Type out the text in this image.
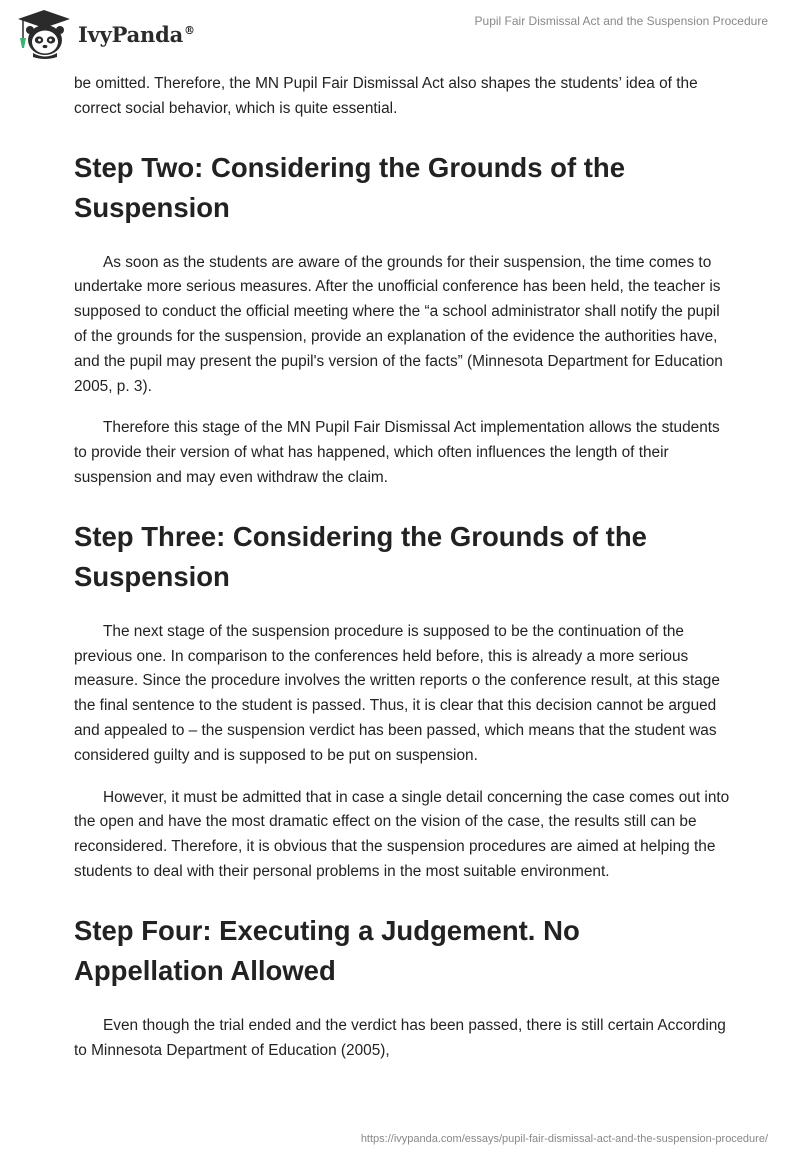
IvyPanda®
Pupil Fair Dismissal Act and the Suspension Procedure

be omitted. Therefore, the MN Pupil Fair Dismissal Act also shapes the students’ idea of the correct social behavior, which is quite essential.

Step Two: Considering the Grounds of the Suspension

As soon as the students are aware of the grounds for their suspension, the time comes to undertake more serious measures. After the unofficial conference has been held, the teacher is supposed to conduct the official meeting where the “a school administrator shall notify the pupil of the grounds for the suspension, provide an explanation of the evidence the authorities have, and the pupil may present the pupil's version of the facts” (Minnesota Department for Education 2005, p. 3).

Therefore this stage of the MN Pupil Fair Dismissal Act implementation allows the students to provide their version of what has happened, which often influences the length of their suspension and may even withdraw the claim.

Step Three: Considering the Grounds of the Suspension

The next stage of the suspension procedure is supposed to be the continuation of the previous one. In comparison to the conferences held before, this is already a more serious measure. Since the procedure involves the written reports o the conference result, at this stage the final sentence to the student is passed. Thus, it is clear that this decision cannot be argued and appealed to – the suspension verdict has been passed, which means that the student was considered guilty and is supposed to be put on suspension.

However, it must be admitted that in case a single detail concerning the case comes out into the open and have the most dramatic effect on the vision of the case, the results still can be reconsidered. Therefore, it is obvious that the suspension procedures are aimed at helping the students to deal with their personal problems in the most suitable environment.

Step Four: Executing a Judgement. No Appellation Allowed

Even though the trial ended and the verdict has been passed, there is still certain According to Minnesota Department of Education (2005),

https://ivypanda.com/essays/pupil-fair-dismissal-act-and-the-suspension-procedure/
